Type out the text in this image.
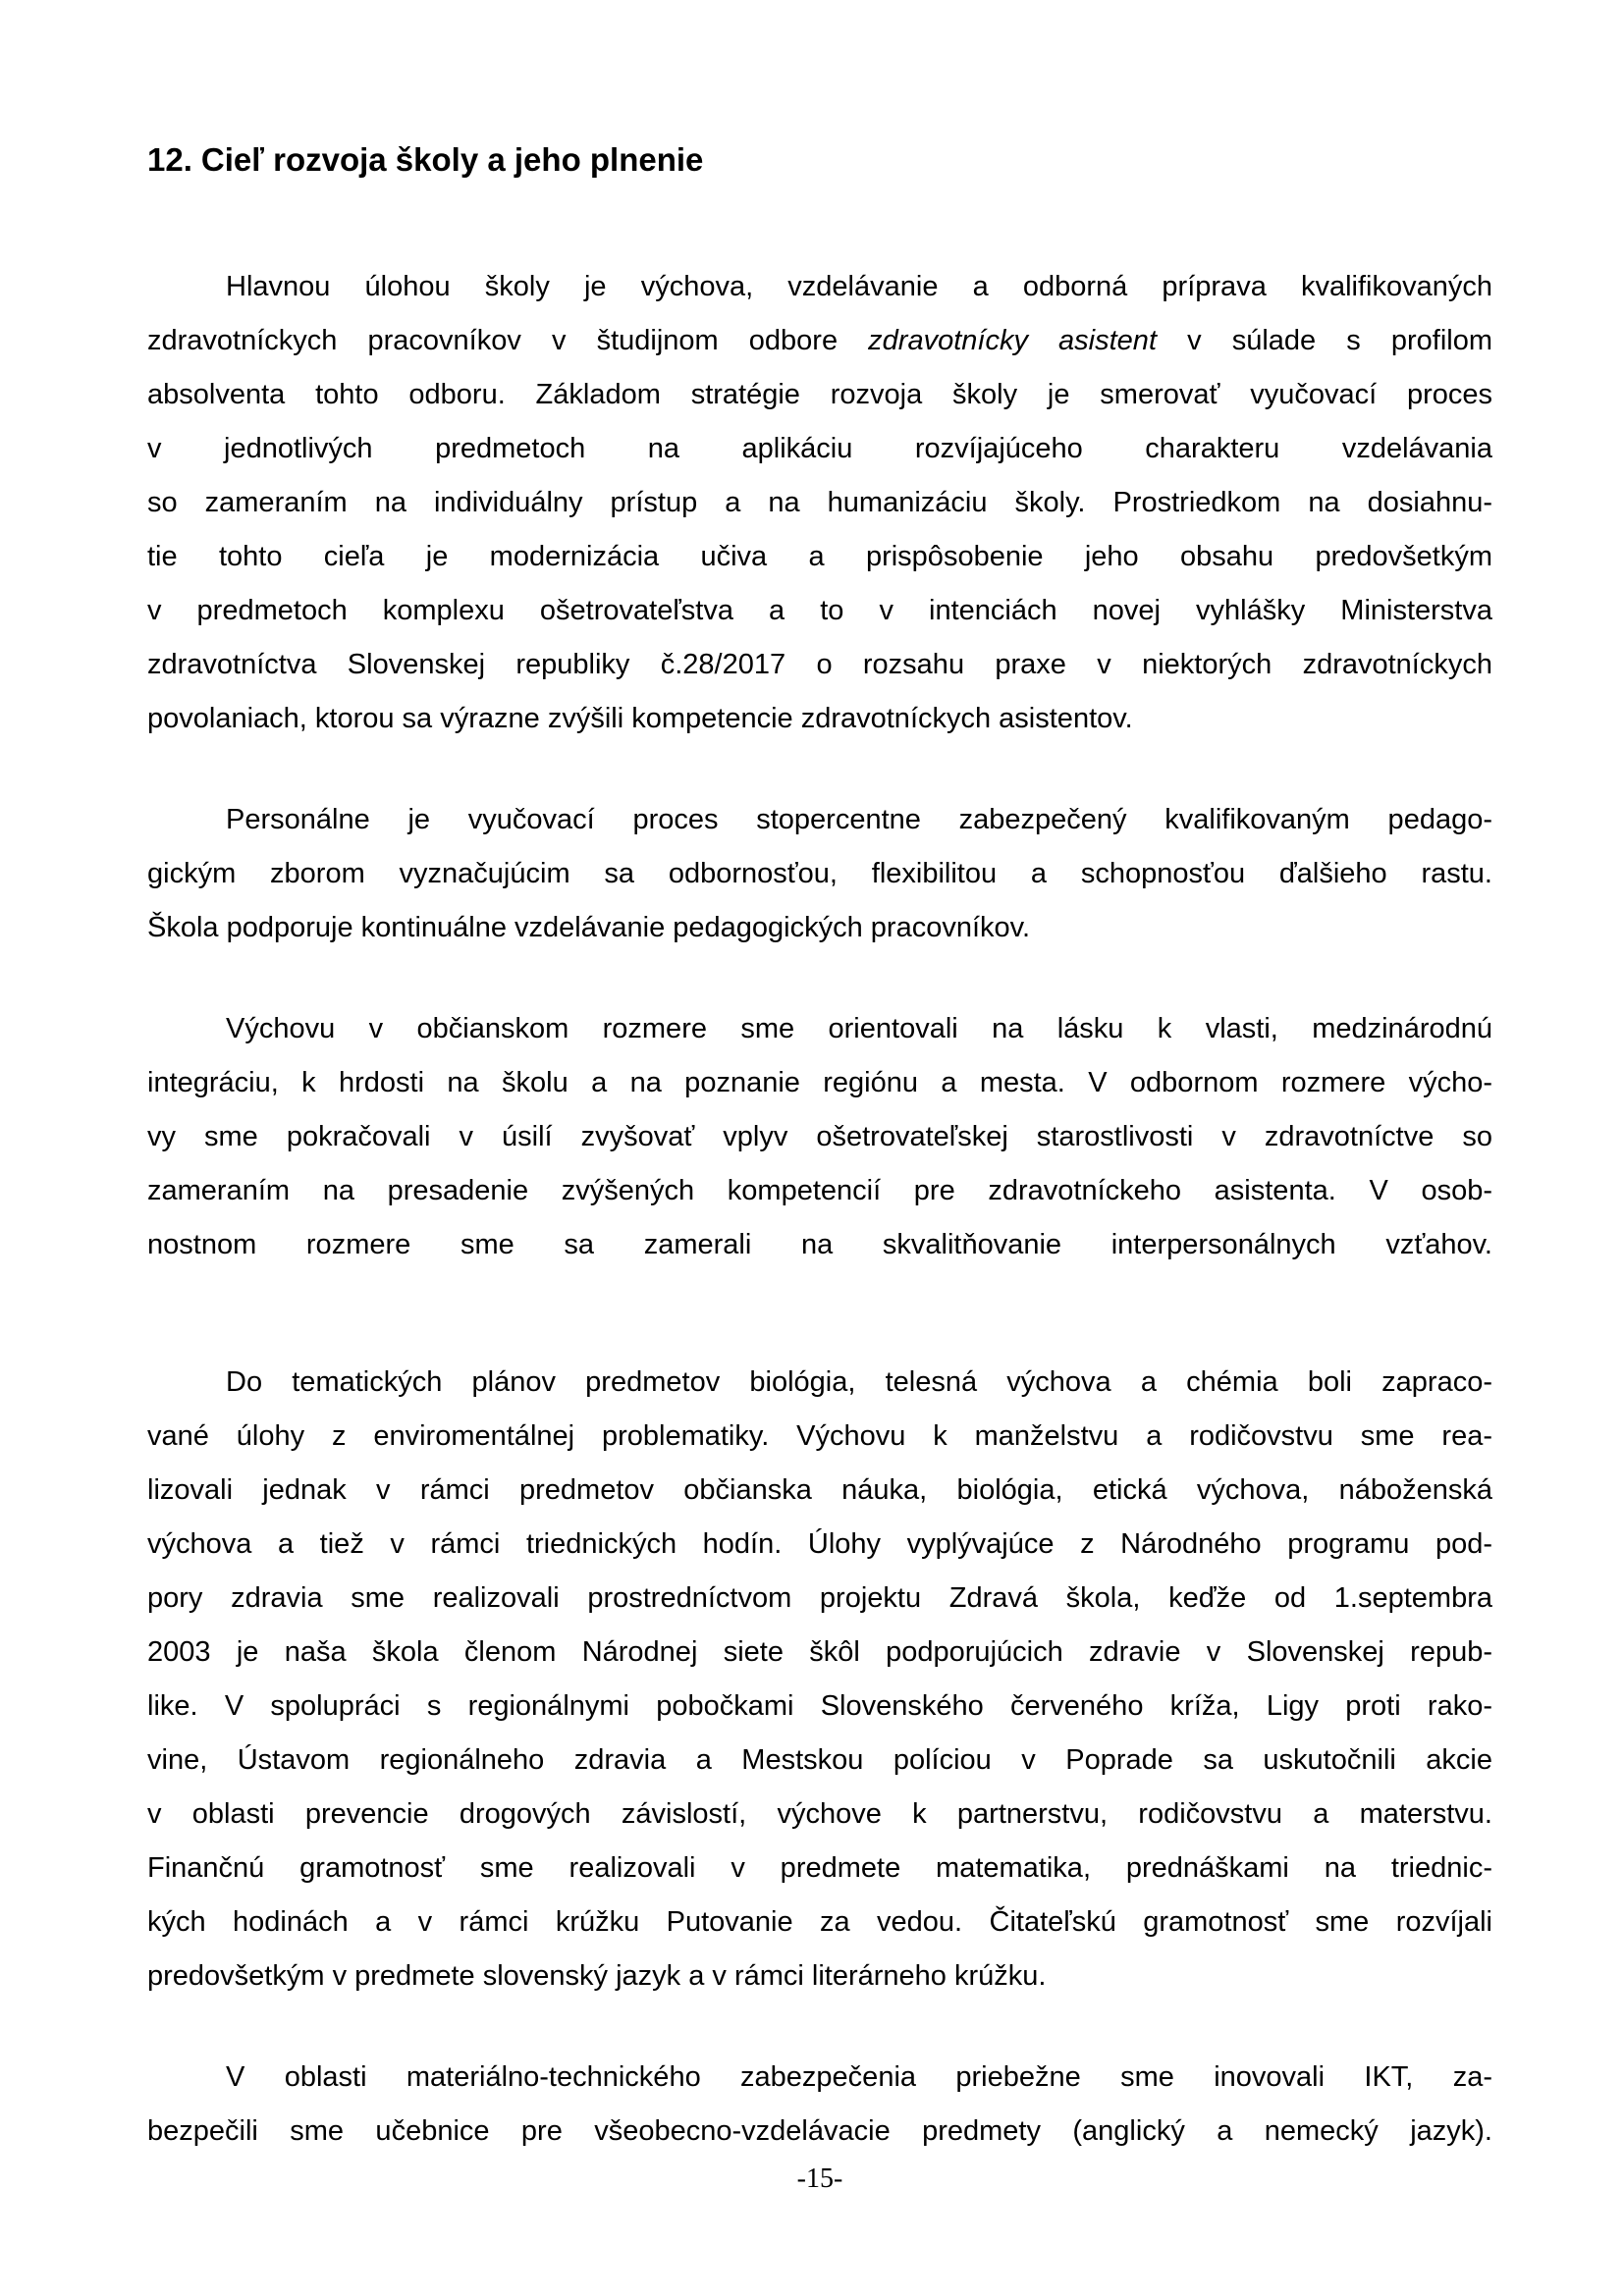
12. Cieľ rozvoja školy a jeho plnenie
Hlavnou úlohou školy je výchova, vzdelávanie a odborná príprava kvalifikovaných
zdravotníckych pracovníkov v študijnom odbore zdravotnícky asistent v súlade s profilom
absolventa tohto odboru. Základom stratégie rozvoja školy je smerovať vyučovací proces
v jednotlivých predmetoch na aplikáciu rozvíjajúceho charakteru vzdelávania
so zameraním na individuálny prístup a na humanizáciu školy. Prostriedkom na dosiahnu-
tie tohto cieľa je modernizácia učiva a prispôsobenie jeho obsahu predovšetkým
v predmetoch komplexu ošetrovateľstva a to v intenciách novej vyhlášky Ministerstva
zdravotníctva Slovenskej republiky č.28/2017 o rozsahu praxe v niektorých zdravotníckych
povolaniach, ktorou sa výrazne zvýšili kompetencie zdravotníckych asistentov.
Personálne je vyučovací proces stopercentne zabezpečený kvalifikovaným pedago-
gickým zborom vyznačujúcim sa odbornosťou, flexibilitou a schopnosťou ďalšieho rastu.
Škola podporuje kontinuálne vzdelávanie pedagogických pracovníkov.
Výchovu v občianskom rozmere sme orientovali na lásku k vlasti, medzinárodnú
integráciu, k hrdosti na školu a na poznanie regiónu a mesta. V odbornom rozmere výcho-
vy sme pokračovali v úsilí zvyšovať vplyv ošetrovateľskej starostlivosti v zdravotníctve so
zameraním na presadenie zvýšených kompetencií pre zdravotníckeho asistenta. V osob-
nostnom rozmere sme sa zamerali na skvalitňovanie interpersonálnych vzťahov.
Do tematických plánov predmetov biológia, telesná výchova a chémia boli zapraco-
vané úlohy z enviromentálnej problematiky. Výchovu k manželstvu a rodičovstvu sme rea-
lizovali jednak v rámci predmetov občianska náuka, biológia, etická výchova, náboženská
výchova a tiež v rámci triednických hodín. Úlohy vyplývajúce z Národného programu pod-
pory zdravia sme realizovali prostredníctvom projektu Zdravá škola, keďže od 1.septembra
2003 je naša škola členom Národnej siete škôl podporujúcich zdravie v Slovenskej repub-
like. V spolupráci s regionálnymi pobočkami Slovenského červeného kríža, Ligy proti rako-
vine, Ústavom regionálneho zdravia a Mestskou políciou v Poprade sa uskutočnili akcie
v oblasti prevencie drogových závislostí, výchove k partnerstvu, rodičovstvu a materstvu.
Finančnú gramotnosť sme realizovali v predmete matematika, prednáškami na triednic-
kých hodinách a v rámci krúžku Putovanie za vedou. Čitateľskú gramotnosť sme rozvíjali
predovšetkým v predmete slovenský jazyk a v rámci literárneho krúžku.
V oblasti materiálno-technického zabezpečenia priebežne sme inovovali IKT, za-
bezpečili sme učebnice pre všeobecno-vzdelávacie predmety (anglický a nemecký jazyk).
-15-
